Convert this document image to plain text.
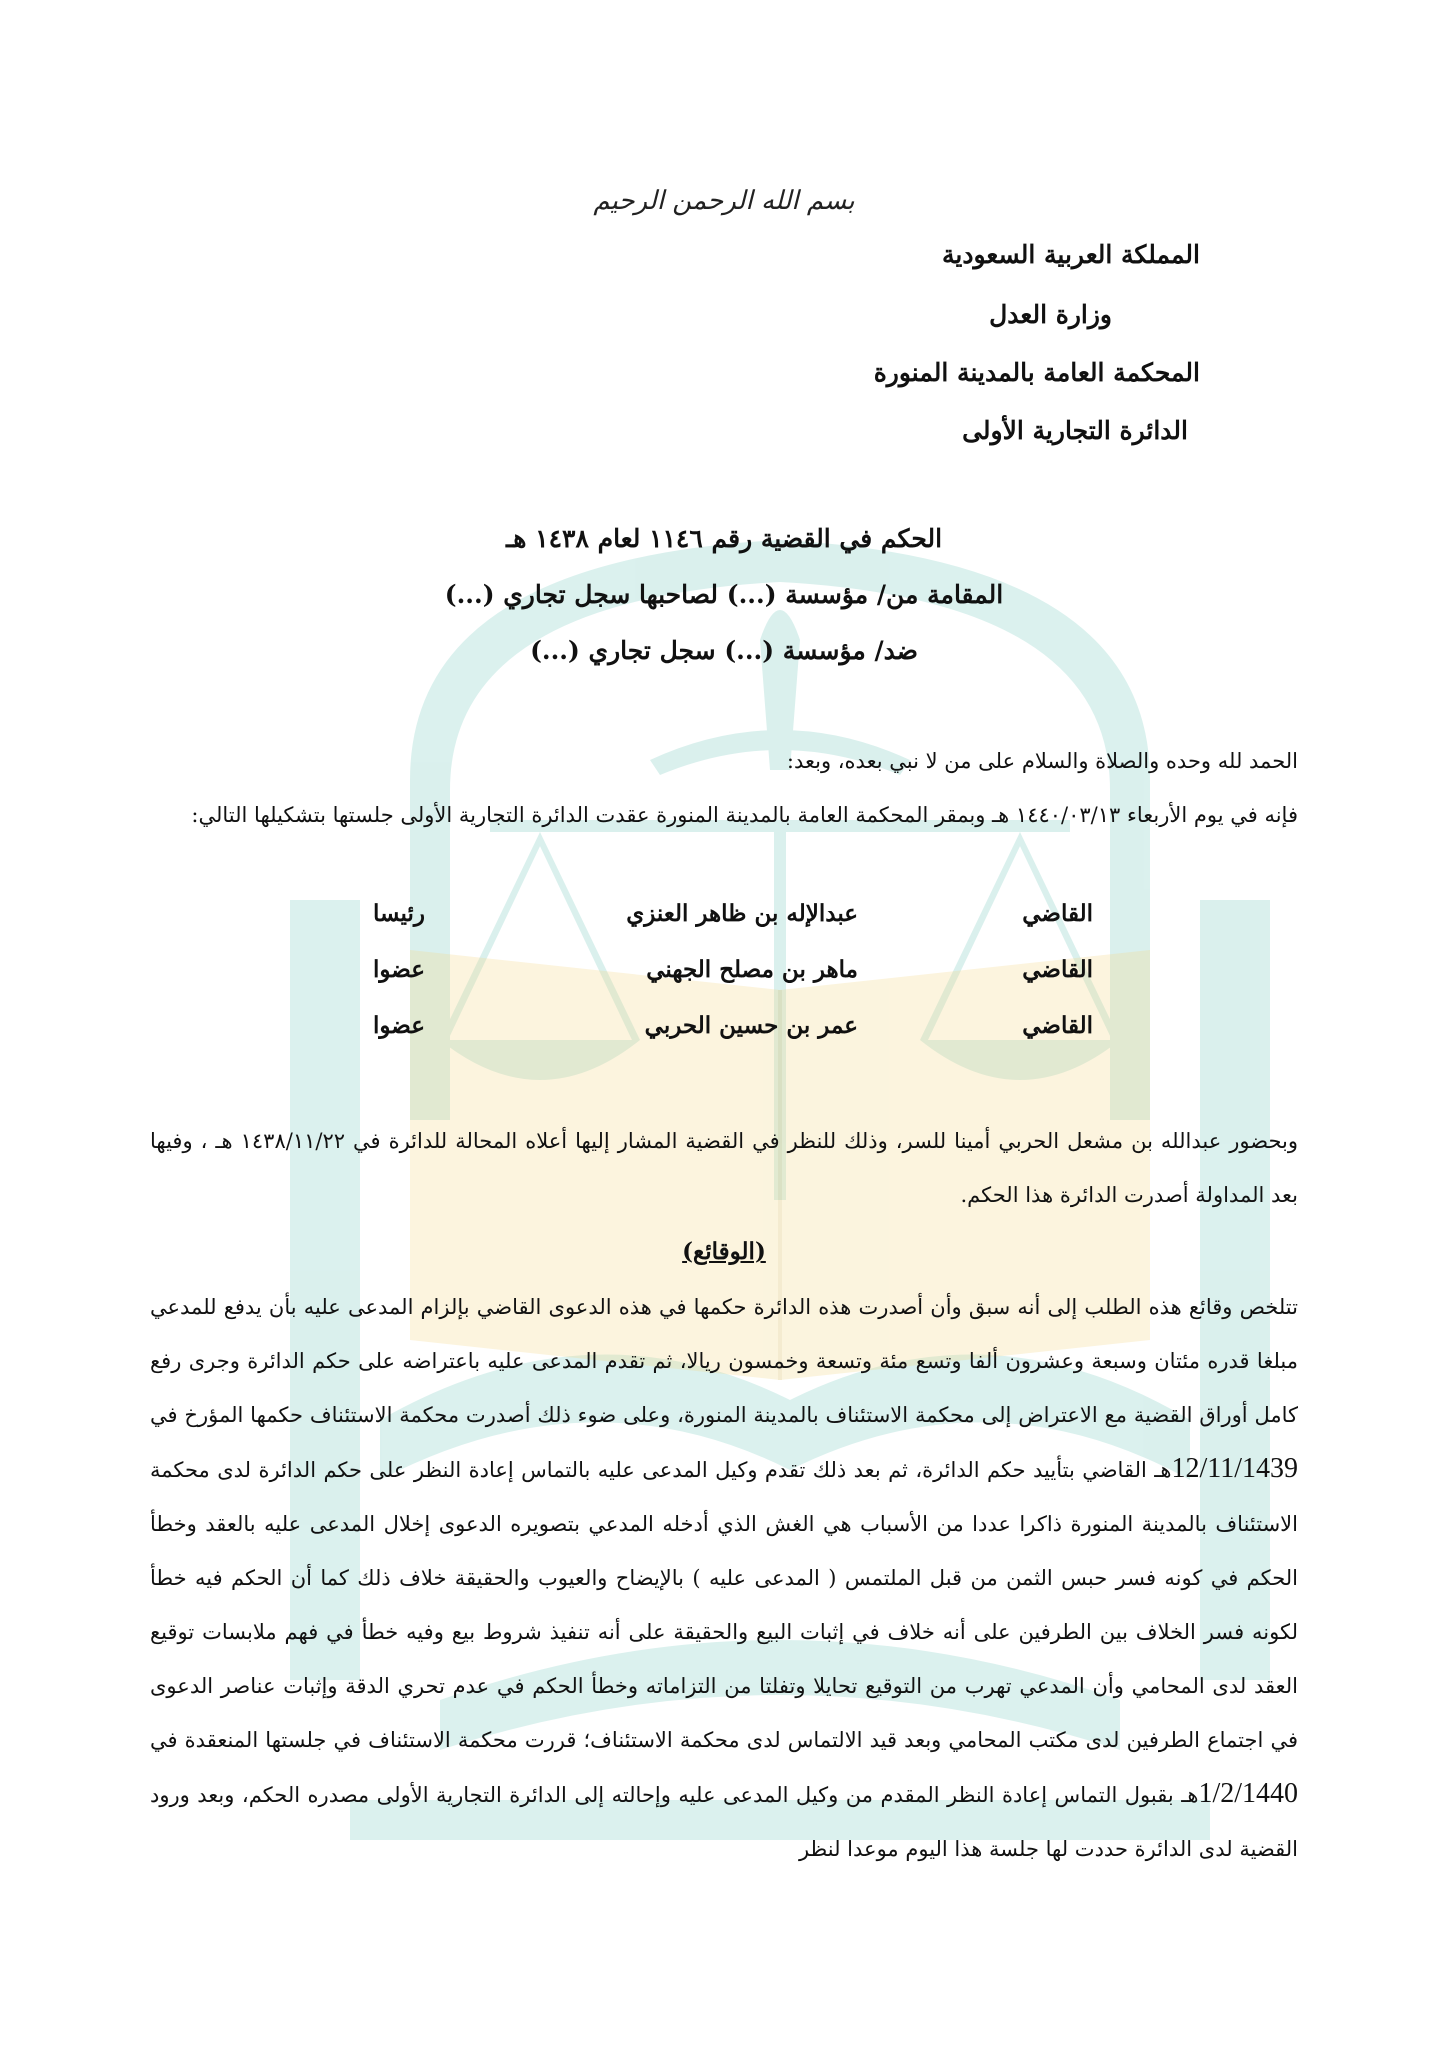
بسم الله الرحمن الرحيم
المملكة العربية السعودية
وزارة العدل
المحكمة العامة بالمدينة المنورة
الدائرة التجارية الأولى
الحكم في القضية رقم ١١٤٦ لعام ١٤٣٨ هـ
المقامة من/ مؤسسة (...) لصاحبها سجل تجاري (...)
ضد/ مؤسسة (...) سجل تجاري (...)
الحمد لله وحده والصلاة والسلام على من لا نبي بعده، وبعد:
فإنه في يوم الأربعاء ١٤٤٠/٠٣/١٣ هـ وبمقر المحكمة العامة بالمدينة المنورة عقدت الدائرة التجارية الأولى جلستها بتشكيلها التالي:
القاضي
عبدالإله بن ظاهر العنزي
رئيسا
القاضي
ماهر بن مصلح الجهني
عضوا
القاضي
عمر بن حسين الحربي
عضوا
وبحضور عبدالله بن مشعل الحربي أمينا للسر، وذلك للنظر في القضية المشار إليها أعلاه المحالة للدائرة في ١٤٣٨/١١/٢٢ هـ ، وفيها بعد المداولة أصدرت الدائرة هذا الحكم.
(الوقائع)
تتلخص وقائع هذه الطلب إلى أنه سبق وأن أصدرت هذه الدائرة حكمها في هذه الدعوى القاضي بإلزام المدعى عليه بأن يدفع للمدعي مبلغا قدره مئتان وسبعة وعشرون ألفا وتسع مئة وتسعة وخمسون ريالا، ثم تقدم المدعى عليه باعتراضه على حكم الدائرة وجرى رفع كامل أوراق القضية مع الاعتراض إلى محكمة الاستئناف بالمدينة المنورة، وعلى ضوء ذلك أصدرت محكمة الاستئناف حكمها المؤرخ في 12/11/1439هـ القاضي بتأييد حكم الدائرة، ثم بعد ذلك تقدم وكيل المدعى عليه بالتماس إعادة النظر على حكم الدائرة لدى محكمة الاستئناف بالمدينة المنورة ذاكرا عددا من الأسباب هي الغش الذي أدخله المدعي بتصويره الدعوى إخلال المدعى عليه بالعقد وخطأ الحكم في كونه فسر حبس الثمن من قبل الملتمس ( المدعى عليه ) بالإيضاح والعيوب والحقيقة خلاف ذلك كما أن الحكم فيه خطأ لكونه فسر الخلاف بين الطرفين على أنه خلاف في إثبات البيع والحقيقة على أنه تنفيذ شروط بيع وفيه خطأ في فهم ملابسات توقيع العقد لدى المحامي وأن المدعي تهرب من التوقيع تحايلا وتفلتا من التزاماته وخطأ الحكم في عدم تحري الدقة وإثبات عناصر الدعوى في اجتماع الطرفين لدى مكتب المحامي وبعد قيد الالتماس لدى محكمة الاستئناف؛ قررت محكمة الاستئناف في جلستها المنعقدة في 1/2/1440هـ بقبول التماس إعادة النظر المقدم من وكيل المدعى عليه وإحالته إلى الدائرة التجارية الأولى مصدره الحكم، وبعد ورود القضية لدى الدائرة حددت لها جلسة هذا اليوم موعدا لنظر
